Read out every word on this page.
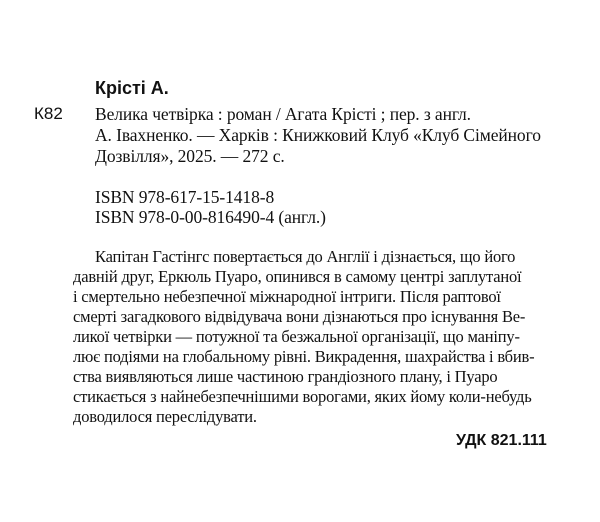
Крісті А.
К82 Велика четвірка : роман / Агата Крісті ; пер. з англ.
А. Івахненко. — Харків : Книжковий Клуб «Клуб Сімейного
Дозвілля», 2025. — 272 с.
ISBN 978-617-15-1418-8
ISBN 978-0-00-816490-4 (англ.)
Капітан Гастінгс повертається до Англії і дізнається, що його
давній друг, Еркюль Пуаро, опинився в самому центрі заплутаної
і смертельно небезпечної міжнародної інтриги. Після раптової
смерті загадкового відвідувача вони дізнаються про існування Ве-
ликої четвірки — потужної та безжальної організації, що маніпу-
лює подіями на глобальному рівні. Викрадення, шахрайства і вбив-
ства виявляються лише частиною грандіозного плану, і Пуаро
стикається з найнебезпечнішими ворогами, яких йому коли-небудь
доводилося переслідувати.
УДК 821.111
